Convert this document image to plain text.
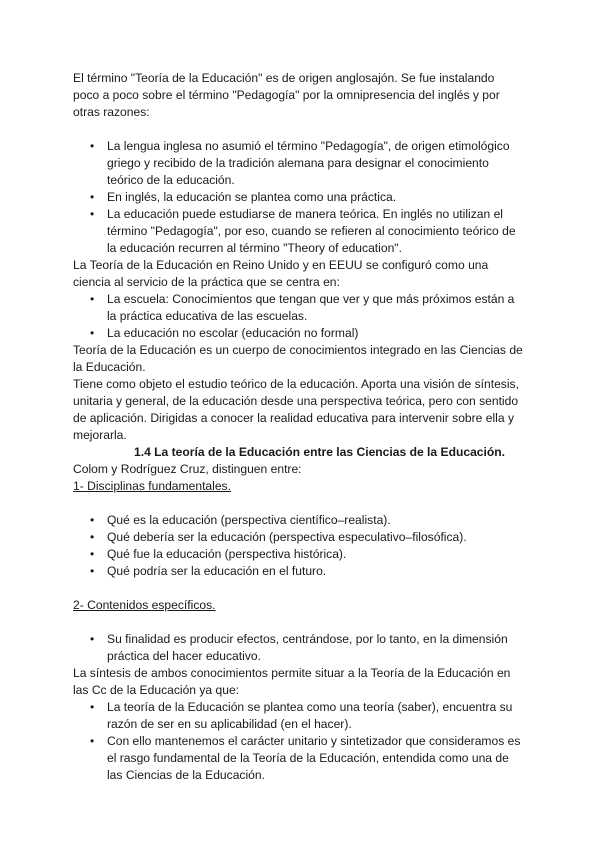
El término "Teoría de la Educación" es de origen anglosajón. Se fue instalando poco a poco sobre el término "Pedagogía" por la omnipresencia del inglés y por otras razones:

• La lengua inglesa no asumió el término "Pedagogía", de origen etimológico griego y recibido de la tradición alemana para designar el conocimiento teórico de la educación.
• En inglés, la educación se plantea como una práctica.
• La educación puede estudiarse de manera teórica. En inglés no utilizan el término "Pedagogía", por eso, cuando se refieren al conocimiento teórico de la educación recurren al término "Theory of education".

La Teoría de la Educación en Reino Unido y en EEUU se configuró como una ciencia al servicio de la práctica que se centra en:

• La escuela: Conocimientos que tengan que ver y que más próximos están a la práctica educativa de las escuelas.
• La educación no escolar (educación no formal)

Teoría de la Educación es un cuerpo de conocimientos integrado en las Ciencias de la Educación.

Tiene como objeto el estudio teórico de la educación. Aporta una visión de síntesis, unitaria y general, de la educación desde una perspectiva teórica, pero con sentido de aplicación. Dirigidas a conocer la realidad educativa para intervenir sobre ella y mejorarla.

1.4 La teoría de la Educación entre las Ciencias de la Educación.

Colom y Rodríguez Cruz, distinguen entre:

1- Disciplinas fundamentales.

• Qué es la educación (perspectiva científico–realista).
• Qué debería ser la educación (perspectiva especulativo–filosófica).
• Qué fue la educación (perspectiva histórica).
• Qué podría ser la educación en el futuro.

2- Contenidos específicos.

• Su finalidad es producir efectos, centrándose, por lo tanto, en la dimensión práctica del hacer educativo.

La síntesis de ambos conocimientos permite situar a la Teoría de la Educación en las Cc de la Educación ya que:

• La teoría de la Educación se plantea como una teoría (saber), encuentra su razón de ser en su aplicabilidad (en el hacer).
• Con ello mantenemos el carácter unitario y sintetizador que consideramos es el rasgo fundamental de la Teoría de la Educación, entendida como una de las Ciencias de la Educación.
